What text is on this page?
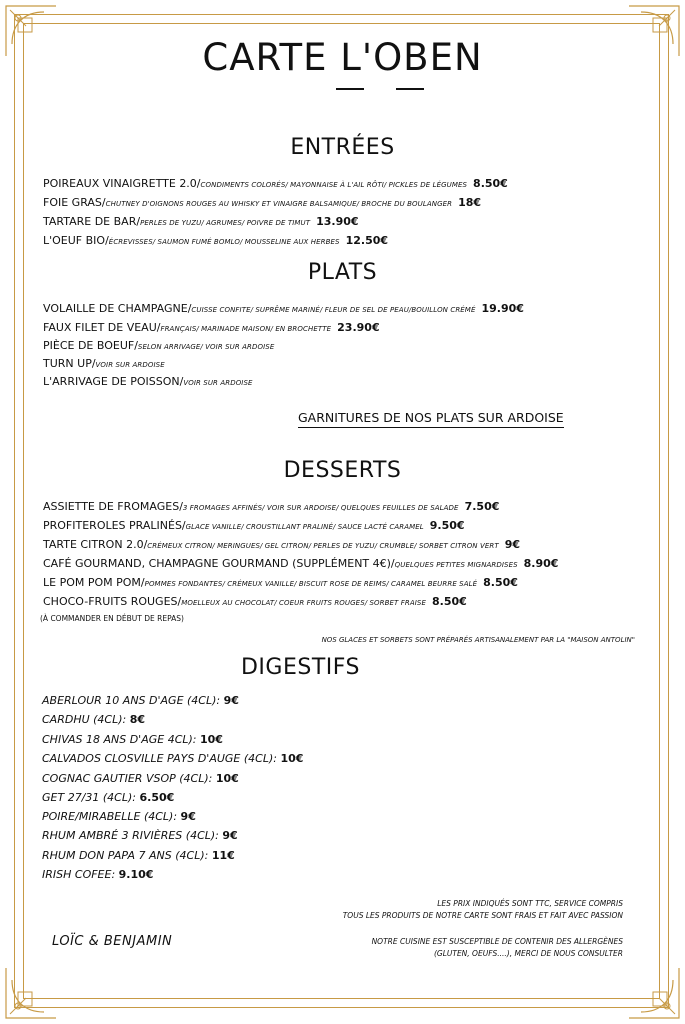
CARTE L'OBEN
ENTRÉES
POIREAUX VINAIGRETTE 2.0/CONDIMENTS COLORÉS/ MAYONNAISE À L'AIL RÔTI/ PICKLES DE LÉGUMES 8.50€
FOIE GRAS/CHUTNEY D'OIGNONS ROUGES AU WHISKY ET VINAIGRE BALSAMIQUE/ BROCHE DU BOULANGER 18€
TARTARE DE BAR/PERLES DE YUZU/ AGRUMES/ POIVRE DE TIMUT 13.90€
L'OEUF BIO/ÉCREVISSES/ SAUMON FUMÉ BOMLO/ MOUSSELINE AUX HERBES 12.50€
PLATS
VOLAILLE DE CHAMPAGNE/CUISSE CONFITE/ SUPRÊME MARINÉ/ FLEUR DE SEL DE PEAU/BOUILLON CRÉMÉ 19.90€
FAUX FILET DE VEAU/FRANÇAIS/ MARINADE MAISON/ EN BROCHETTE 23.90€
PIÈCE DE BOEUF/SELON ARRIVAGE/ VOIR SUR ARDOISE
TURN UP/VOIR SUR ARDOISE
L'ARRIVAGE DE POISSON/VOIR SUR ARDOISE
GARNITURES DE NOS PLATS SUR ARDOISE
DESSERTS
ASSIETTE DE FROMAGES/3 FROMAGES AFFINÉS/ VOIR SUR ARDOISE/ QUELQUES FEUILLES DE SALADE 7.50€
PROFITEROLES PRALINÉS/GLACE VANILLE/ CROUSTILLANT PRALINÉ/ SAUCE LACTÉ CARAMEL 9.50€
TARTE CITRON 2.0/CRÉMEUX CITRON/ MERINGUES/ GEL CITRON/ PERLES DE YUZU/ CRUMBLE/ SORBET CITRON VERT 9€
CAFÉ GOURMAND, CHAMPAGNE GOURMAND (SUPPLÉMENT 4€)/QUELQUES PETITES MIGNARDISES 8.90€
LE POM POM POM/POMMES FONDANTES/ CRÉMEUX VANILLE/ BISCUIT ROSE DE REIMS/ CARAMEL BEURRE SALÉ 8.50€
CHOCO-FRUITS ROUGES/MOELLEUX AU CHOCOLAT/ COEUR FRUITS ROUGES/ SORBET FRAISE 8.50€
(À COMMANDER EN DÉBUT DE REPAS)
NOS GLACES ET SORBETS SONT PRÉPARÉS ARTISANALEMENT PAR LA "MAISON ANTOLIN"
DIGESTIFS
ABERLOUR 10 ANS D'AGE (4CL): 9€
CARDHU (4CL): 8€
CHIVAS 18 ANS D'AGE 4CL): 10€
CALVADOS CLOSVILLE PAYS D'AUGE (4CL): 10€
COGNAC GAUTIER VSOP (4CL): 10€
GET 27/31 (4CL): 6.50€
POIRE/MIRABELLE (4CL): 9€
RHUM AMBRÉ 3 RIVIÈRES (4CL): 9€
RHUM DON PAPA 7 ANS (4CL): 11€
IRISH COFEE: 9.10€
LES PRIX INDIQUÉS SONT TTC, SERVICE COMPRIS
TOUS LES PRODUITS DE NOTRE CARTE SONT FRAIS ET FAIT AVEC PASSION
LOÏC & BENJAMIN	NOTRE CUISINE EST SUSCEPTIBLE DE CONTENIR DES ALLERGÈNES
(GLUTEN, OEUFS....), MERCI DE NOUS CONSULTER
